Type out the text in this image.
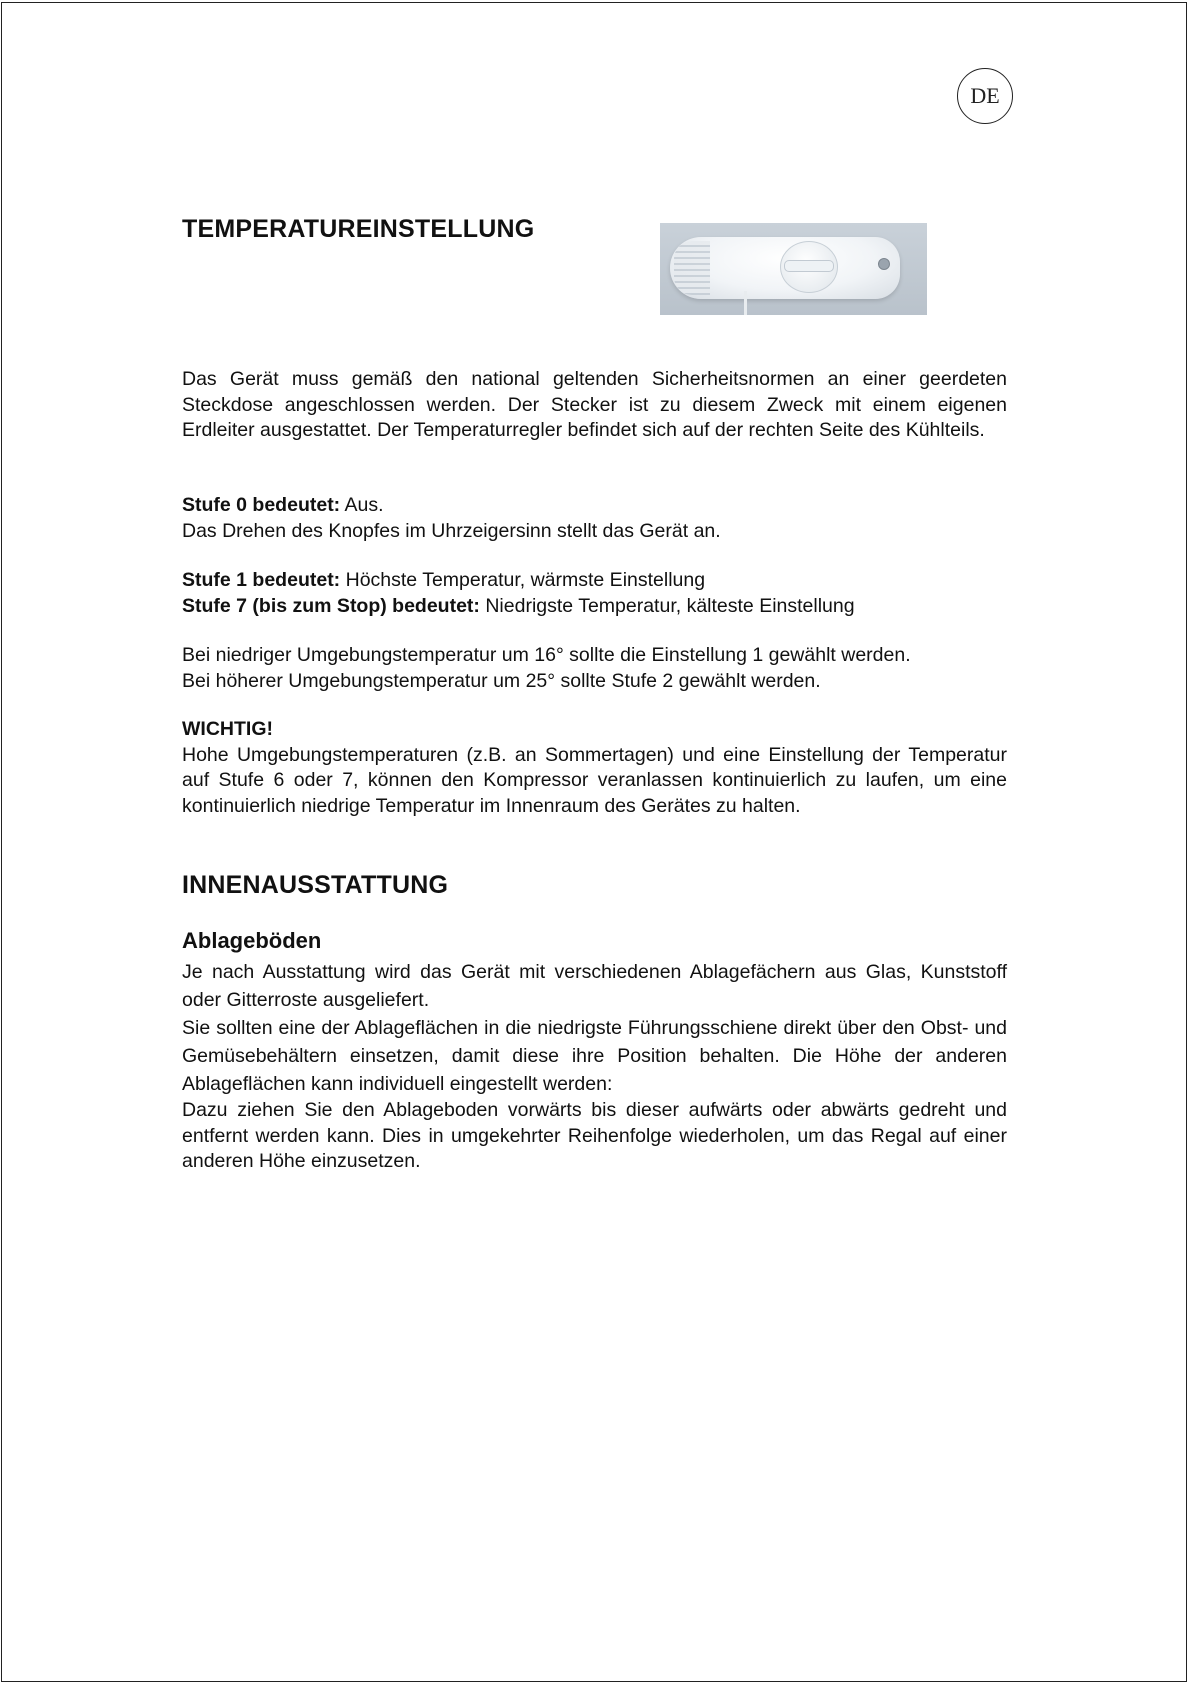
DE
TEMPERATUREINSTELLUNG

Das Gerät muss gemäß den national geltenden Sicherheitsnormen an einer geerdeten Steckdose angeschlossen werden. Der Stecker ist zu diesem Zweck mit einem eigenen Erdleiter ausgestattet. Der Temperaturregler befindet sich auf der rechten Seite des Kühlteils.

Stufe 0 bedeutet: Aus.

Das Drehen des Knopfes im Uhrzeigersinn stellt das Gerät an.

Stufe 1 bedeutet: Höchste Temperatur, wärmste Einstellung

Stufe 7 (bis zum Stop) bedeutet: Niedrigste Temperatur, kälteste Einstellung

Bei niedriger Umgebungstemperatur um 16° sollte die Einstellung 1 gewählt werden.

Bei höherer Umgebungstemperatur um 25° sollte Stufe 2 gewählt werden.

WICHTIG!

Hohe Umgebungstemperaturen (z.B. an Sommertagen) und eine Einstellung der Temperatur auf Stufe 6 oder 7, können den Kompressor veranlassen kontinuierlich zu laufen, um eine kontinuierlich niedrige Temperatur im Innenraum des Gerätes zu halten.

INNENAUSSTATTUNG
Ablageböden

Je nach Ausstattung wird das Gerät mit verschiedenen Ablagefächern aus Glas, Kunststoff oder Gitterroste ausgeliefert.

Sie sollten eine der Ablageflächen in die niedrigste Führungsschiene direkt über den Obst- und Gemüsebehältern einsetzen, damit diese ihre Position behalten. Die Höhe der anderen Ablageflächen kann individuell eingestellt werden:

Dazu ziehen Sie den Ablageboden vorwärts bis dieser aufwärts oder abwärts gedreht und entfernt werden kann. Dies in umgekehrter Reihenfolge wiederholen, um das Regal auf einer anderen Höhe einzusetzen.
